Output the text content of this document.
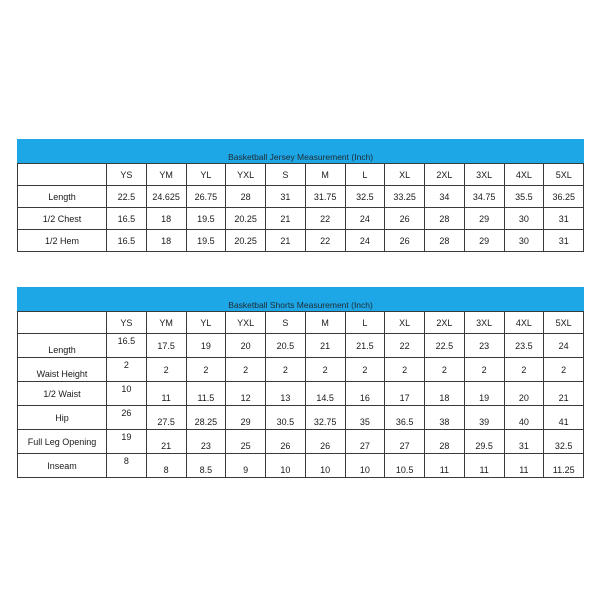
Basketball Jersey Measurement (Inch)												
	YS	YM	YL	YXL	S	M	L	XL	2XL	3XL	4XL	5XL
Length	22.5	24.625	26.75	28	31	31.75	32.5	33.25	34	34.75	35.5	36.25
1/2 Chest	16.5	18	19.5	20.25	21	22	24	26	28	29	30	31
1/2 Hem	16.5	18	19.5	20.25	21	22	24	26	28	29	30	31
Basketball Shorts Measurement (Inch)												
	YS	YM	YL	YXL	S	M	L	XL	2XL	3XL	4XL	5XL
Length	16.5	17.5	19	20	20.5	21	21.5	22	22.5	23	23.5	24
Waist Height	2	2	2	2	2	2	2	2	2	2	2	2
1/2 Waist	10	11	11.5	12	13	14.5	16	17	18	19	20	21
Hip	26	27.5	28.25	29	30.5	32.75	35	36.5	38	39	40	41
Full Leg Opening	19	21	23	25	26	26	27	27	28	29.5	31	32.5
Inseam	8	8	8.5	9	10	10	10	10.5	11	11	11	11.25
